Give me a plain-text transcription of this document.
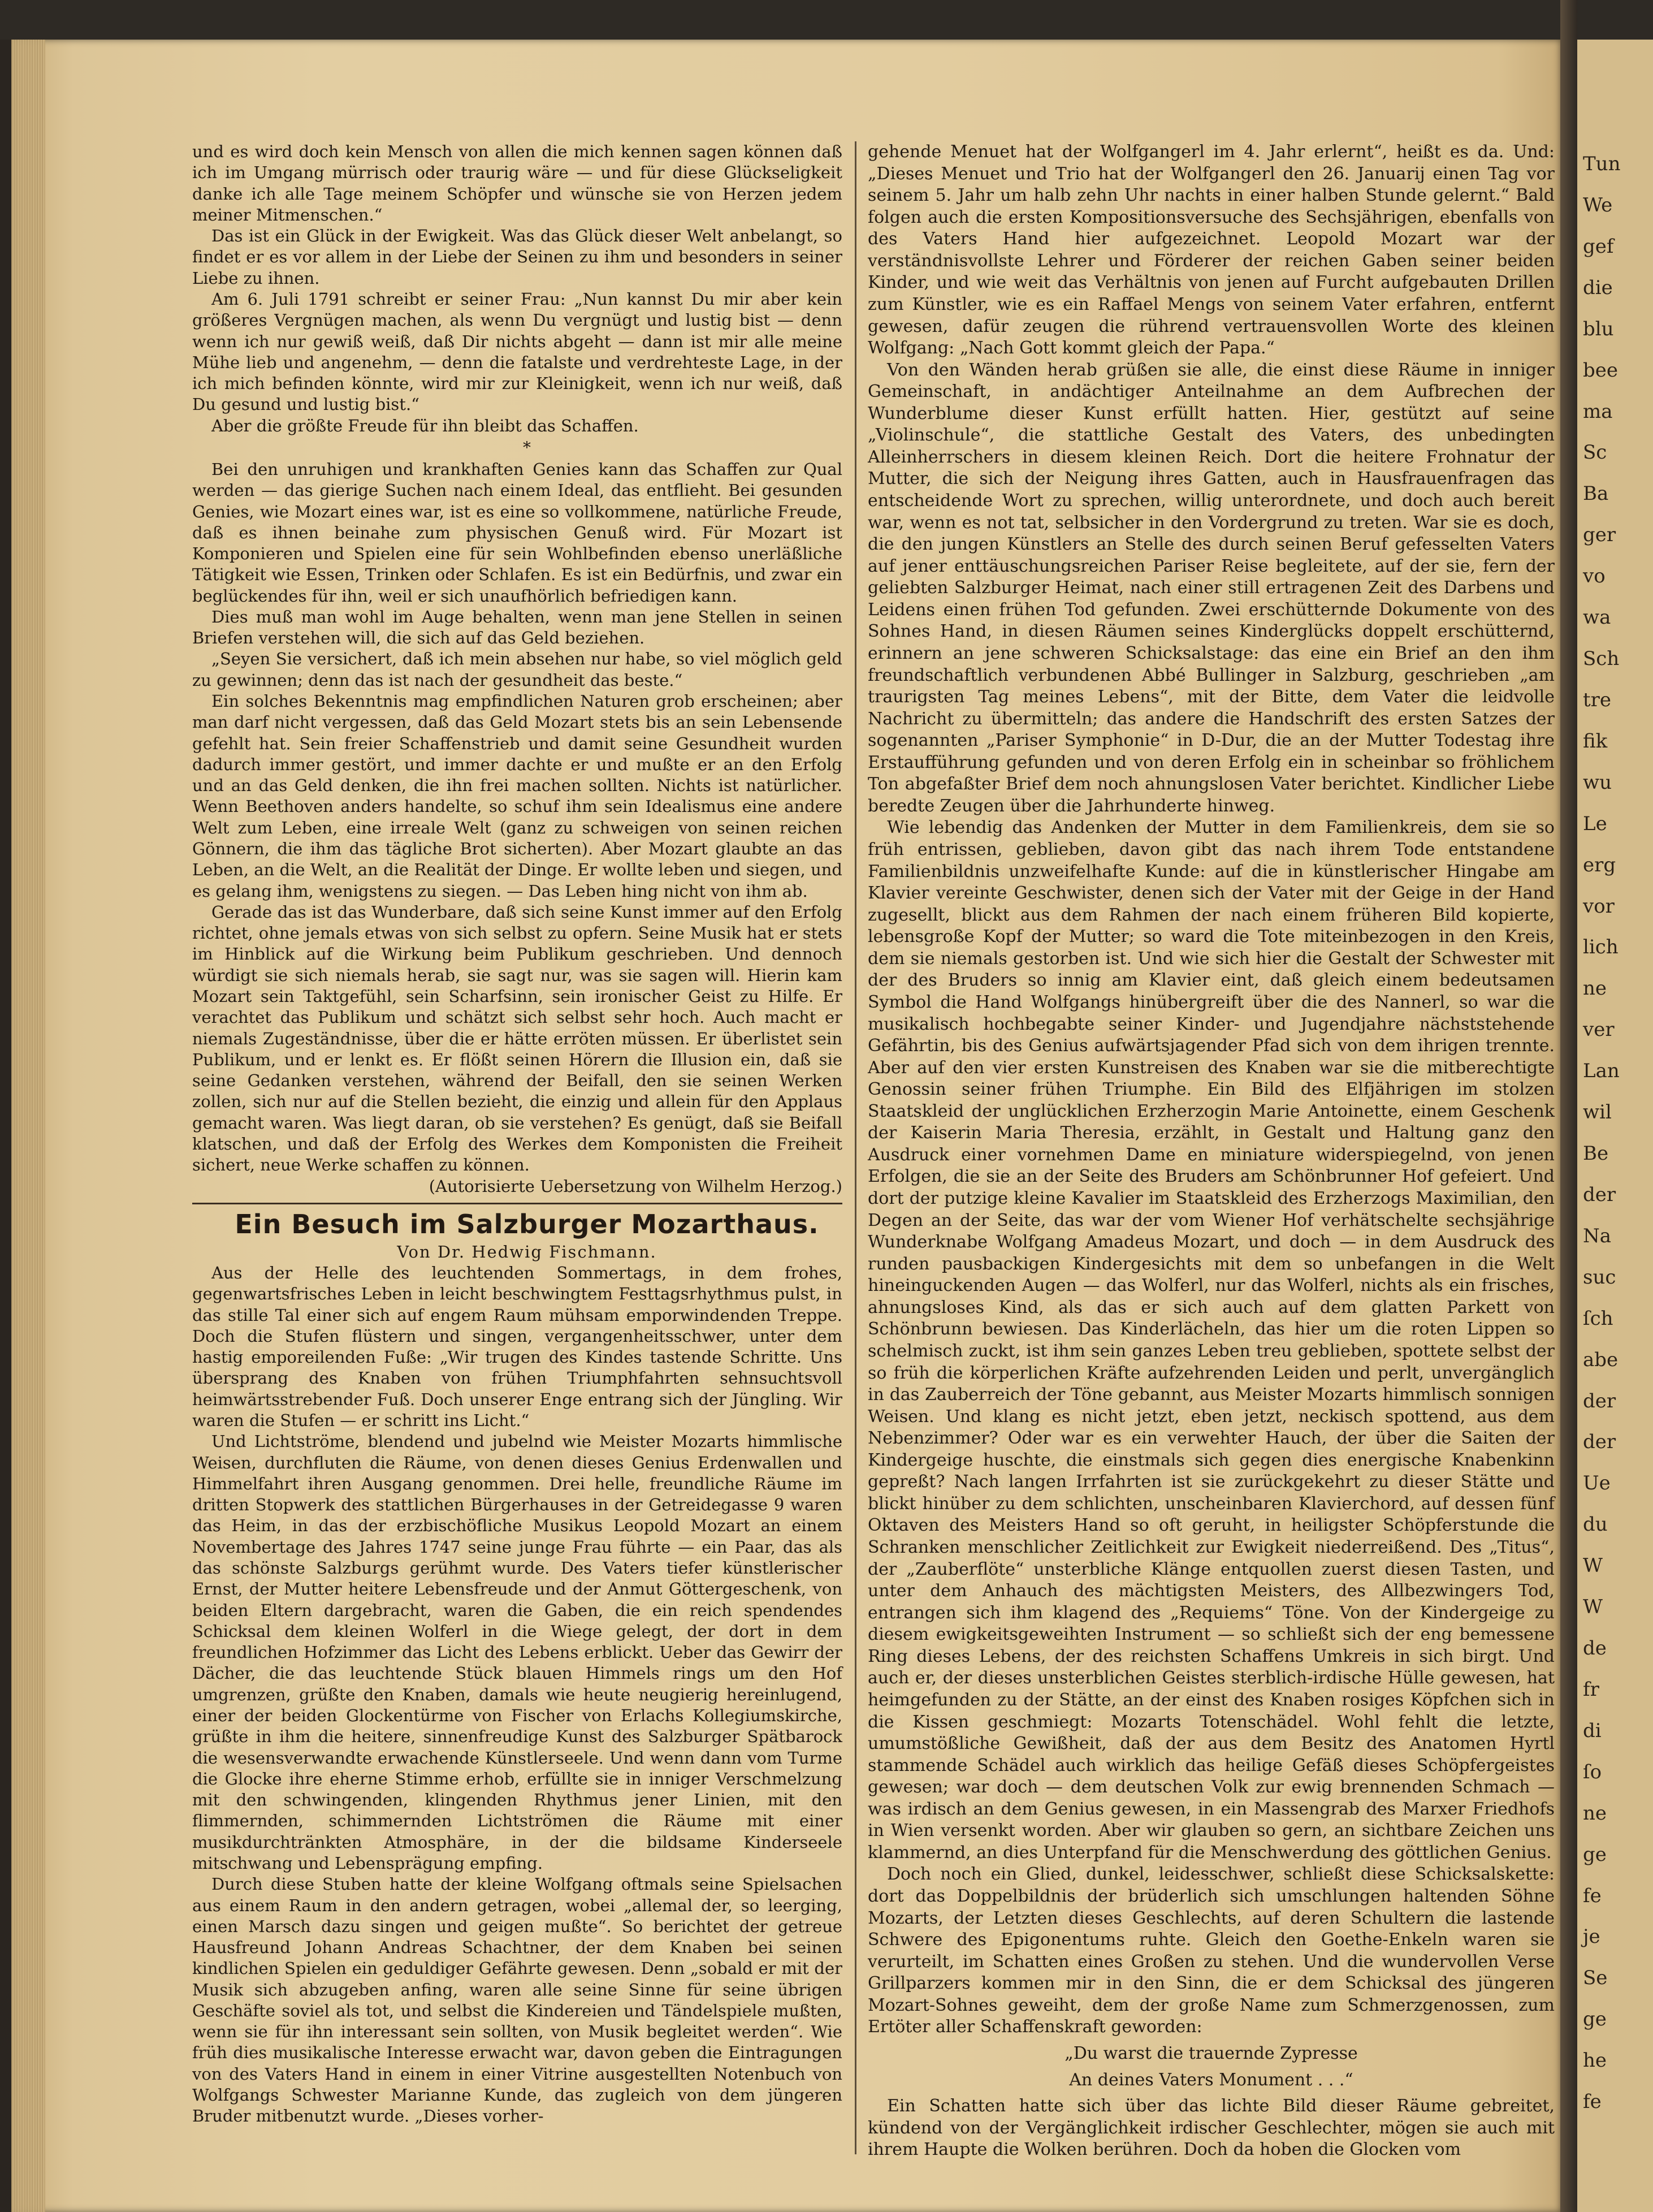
Tun
We
gef
die
blu
bee
ma
Sc
Ba
ger
vo
wa
Sch
tre
fik
wu
Le
erg
vor
lich
ne
ver
Lan
wil
Be
der
Na
suc
ſch
abe
der
der
Ue
du
W
W
de
fr
di
ſo
ne
ge
fe
je
Se
ge
he
fe

und es wird doch kein Mensch von allen die mich kennen sagen können daß ich im Umgang mürrisch oder traurig wäre — und für diese Glückseligkeit danke ich alle Tage meinem Schöpfer und wünsche sie von Herzen jedem meiner Mitmenschen.“

Das ist ein Glück in der Ewigkeit. Was das Glück dieser Welt anbelangt, so findet er es vor allem in der Liebe der Seinen zu ihm und besonders in seiner Liebe zu ihnen.

Am 6. Juli 1791 schreibt er seiner Frau: „Nun kannst Du mir aber kein größeres Vergnügen machen, als wenn Du vergnügt und lustig bist — denn wenn ich nur gewiß weiß, daß Dir nichts abgeht — dann ist mir alle meine Mühe lieb und angenehm, — denn die fatalste und verdrehteste Lage, in der ich mich befinden könnte, wird mir zur Kleinigkeit, wenn ich nur weiß, daß Du gesund und lustig bist.“

Aber die größte Freude für ihn bleibt das Schaffen.

*

Bei den unruhigen und krankhaften Genies kann das Schaffen zur Qual werden — das gierige Suchen nach einem Ideal, das entflieht. Bei gesunden Genies, wie Mozart eines war, ist es eine so vollkommene, natürliche Freude, daß es ihnen beinahe zum physischen Genuß wird. Für Mozart ist Komponieren und Spielen eine für sein Wohlbefinden ebenso unerläßliche Tätigkeit wie Essen, Trinken oder Schlafen. Es ist ein Bedürfnis, und zwar ein beglückendes für ihn, weil er sich unaufhörlich befriedigen kann.

Dies muß man wohl im Auge behalten, wenn man jene Stellen in seinen Briefen verstehen will, die sich auf das Geld beziehen.

„Seyen Sie versichert, daß ich mein absehen nur habe, so viel möglich geld zu gewinnen; denn das ist nach der gesundheit das beste.“

Ein solches Bekenntnis mag empfindlichen Naturen grob erscheinen; aber man darf nicht vergessen, daß das Geld Mozart stets bis an sein Lebensende gefehlt hat. Sein freier Schaffenstrieb und damit seine Gesundheit wurden dadurch immer gestört, und immer dachte er und mußte er an den Erfolg und an das Geld denken, die ihn frei machen sollten. Nichts ist natürlicher. Wenn Beethoven anders handelte, so schuf ihm sein Idealismus eine andere Welt zum Leben, eine irreale Welt (ganz zu schweigen von seinen reichen Gönnern, die ihm das tägliche Brot sicherten). Aber Mozart glaubte an das Leben, an die Welt, an die Realität der Dinge. Er wollte leben und siegen, und es gelang ihm, wenigstens zu siegen. — Das Leben hing nicht von ihm ab.

Gerade das ist das Wunderbare, daß sich seine Kunst immer auf den Erfolg richtet, ohne jemals etwas von sich selbst zu opfern. Seine Musik hat er stets im Hinblick auf die Wirkung beim Publikum geschrieben. Und dennoch würdigt sie sich niemals herab, sie sagt nur, was sie sagen will. Hierin kam Mozart sein Taktgefühl, sein Scharfsinn, sein ironischer Geist zu Hilfe. Er verachtet das Publikum und schätzt sich selbst sehr hoch. Auch macht er niemals Zugeständnisse, über die er hätte erröten müssen. Er überlistet sein Publikum, und er lenkt es. Er flößt seinen Hörern die Illusion ein, daß sie seine Gedanken verstehen, während der Beifall, den sie seinen Werken zollen, sich nur auf die Stellen bezieht, die einzig und allein für den Applaus gemacht waren. Was liegt daran, ob sie verstehen? Es genügt, daß sie Beifall klatschen, und daß der Erfolg des Werkes dem Komponisten die Freiheit sichert, neue Werke schaffen zu können.

(Autorisierte Uebersetzung von Wilhelm Herzog.)

Ein Besuch im Salzburger Mozarthaus.

Von Dr. Hedwig Fischmann.

Aus der Helle des leuchtenden Sommertags, in dem frohes, gegenwartsfrisches Leben in leicht beschwingtem Festtagsrhythmus pulst, in das stille Tal einer sich auf engem Raum mühsam emporwindenden Treppe. Doch die Stufen flüstern und singen, vergangenheitsschwer, unter dem hastig emporeilenden Fuße: „Wir trugen des Kindes tastende Schritte. Uns übersprang des Knaben von frühen Triumphfahrten sehnsuchtsvoll heimwärtsstrebender Fuß. Doch unserer Enge entrang sich der Jüngling. Wir waren die Stufen — er schritt ins Licht.“

Und Lichtströme, blendend und jubelnd wie Meister Mozarts himmlische Weisen, durchfluten die Räume, von denen dieses Genius Erdenwallen und Himmelfahrt ihren Ausgang genommen. Drei helle, freundliche Räume im dritten Stopwerk des stattlichen Bürgerhauses in der Getreidegasse 9 waren das Heim, in das der erzbischöfliche Musikus Leopold Mozart an einem Novembertage des Jahres 1747 seine junge Frau führte — ein Paar, das als das schönste Salzburgs gerühmt wurde. Des Vaters tiefer künstlerischer Ernst, der Mutter heitere Lebensfreude und der Anmut Göttergeschenk, von beiden Eltern dargebracht, waren die Gaben, die ein reich spendendes Schicksal dem kleinen Wolferl in die Wiege gelegt, der dort in dem freundlichen Hofzimmer das Licht des Lebens erblickt. Ueber das Gewirr der Dächer, die das leuchtende Stück blauen Himmels rings um den Hof umgrenzen, grüßte den Knaben, damals wie heute neugierig hereinlugend, einer der beiden Glockentürme von Fischer von Erlachs Kollegiumskirche, grüßte in ihm die heitere, sinnenfreudige Kunst des Salzburger Spätbarock die wesensverwandte erwachende Künstlerseele. Und wenn dann vom Turme die Glocke ihre eherne Stimme erhob, erfüllte sie in inniger Verschmelzung mit den schwingenden, klingenden Rhythmus jener Linien, mit den flimmernden, schimmernden Lichtströmen die Räume mit einer musikdurchtränkten Atmosphäre, in der die bildsame Kinderseele mitschwang und Lebensprägung empfing.

Durch diese Stuben hatte der kleine Wolfgang oftmals seine Spielsachen aus einem Raum in den andern getragen, wobei „allemal der, so leerging, einen Marsch dazu singen und geigen mußte“. So berichtet der getreue Hausfreund Johann Andreas Schachtner, der dem Knaben bei seinen kindlichen Spielen ein geduldiger Gefährte gewesen. Denn „sobald er mit der Musik sich abzugeben anfing, waren alle seine Sinne für seine übrigen Geschäfte soviel als tot, und selbst die Kindereien und Tändelspiele mußten, wenn sie für ihn interessant sein sollten, von Musik begleitet werden“. Wie früh dies musikalische Interesse erwacht war, davon geben die Eintragungen von des Vaters Hand in einem in einer Vitrine ausgestellten Notenbuch von Wolfgangs Schwester Marianne Kunde, das zugleich von dem jüngeren Bruder mitbenutzt wurde. „Dieses vorher-

gehende Menuet hat der Wolfgangerl im 4. Jahr erlernt“, heißt es da. Und: „Dieses Menuet und Trio hat der Wolfgangerl den 26. Januarij einen Tag vor seinem 5. Jahr um halb zehn Uhr nachts in einer halben Stunde gelernt.“ Bald folgen auch die ersten Kompositionsversuche des Sechsjährigen, ebenfalls von des Vaters Hand hier aufgezeichnet. Leopold Mozart war der verständnisvollste Lehrer und Förderer der reichen Gaben seiner beiden Kinder, und wie weit das Verhältnis von jenen auf Furcht aufgebauten Drillen zum Künstler, wie es ein Raffael Mengs von seinem Vater erfahren, entfernt gewesen, dafür zeugen die rührend vertrauensvollen Worte des kleinen Wolfgang: „Nach Gott kommt gleich der Papa.“

Von den Wänden herab grüßen sie alle, die einst diese Räume in inniger Gemeinschaft, in andächtiger Anteilnahme an dem Aufbrechen der Wunderblume dieser Kunst erfüllt hatten. Hier, gestützt auf seine „Violinschule“, die stattliche Gestalt des Vaters, des unbedingten Alleinherrschers in diesem kleinen Reich. Dort die heitere Frohnatur der Mutter, die sich der Neigung ihres Gatten, auch in Hausfrauenfragen das entscheidende Wort zu sprechen, willig unterordnete, und doch auch bereit war, wenn es not tat, selbsicher in den Vordergrund zu treten. War sie es doch, die den jungen Künstlers an Stelle des durch seinen Beruf gefesselten Vaters auf jener enttäuschungsreichen Pariser Reise begleitete, auf der sie, fern der geliebten Salzburger Heimat, nach einer still ertragenen Zeit des Darbens und Leidens einen frühen Tod gefunden. Zwei erschütternde Dokumente von des Sohnes Hand, in diesen Räumen seines Kinderglücks doppelt erschütternd, erinnern an jene schweren Schicksalstage: das eine ein Brief an den ihm freundschaftlich verbundenen Abbé Bullinger in Salzburg, geschrieben „am traurigsten Tag meines Lebens“, mit der Bitte, dem Vater die leidvolle Nachricht zu übermitteln; das andere die Handschrift des ersten Satzes der sogenannten „Pariser Symphonie“ in D-Dur, die an der Mutter Todestag ihre Erstaufführung gefunden und von deren Erfolg ein in scheinbar so fröhlichem Ton abgefaßter Brief dem noch ahnungslosen Vater berichtet. Kindlicher Liebe beredte Zeugen über die Jahrhunderte hinweg.

Wie lebendig das Andenken der Mutter in dem Familienkreis, dem sie so früh entrissen, geblieben, davon gibt das nach ihrem Tode entstandene Familienbildnis unzweifelhafte Kunde: auf die in künstlerischer Hingabe am Klavier vereinte Geschwister, denen sich der Vater mit der Geige in der Hand zugesellt, blickt aus dem Rahmen der nach einem früheren Bild kopierte, lebensgroße Kopf der Mutter; so ward die Tote miteinbezogen in den Kreis, dem sie niemals gestorben ist. Und wie sich hier die Gestalt der Schwester mit der des Bruders so innig am Klavier eint, daß gleich einem bedeutsamen Symbol die Hand Wolfgangs hinübergreift über die des Nannerl, so war die musikalisch hochbegabte seiner Kinder- und Jugendjahre nächststehende Gefährtin, bis des Genius aufwärtsjagender Pfad sich von dem ihrigen trennte. Aber auf den vier ersten Kunstreisen des Knaben war sie die mitberechtigte Genossin seiner frühen Triumphe. Ein Bild des Elfjährigen im stolzen Staatskleid der unglücklichen Erzherzogin Marie Antoinette, einem Geschenk der Kaiserin Maria Theresia, erzählt, in Gestalt und Haltung ganz den Ausdruck einer vornehmen Dame en miniature widerspiegelnd, von jenen Erfolgen, die sie an der Seite des Bruders am Schönbrunner Hof gefeiert. Und dort der putzige kleine Kavalier im Staatskleid des Erzherzogs Maximilian, den Degen an der Seite, das war der vom Wiener Hof verhätschelte sechsjährige Wunderknabe Wolfgang Amadeus Mozart, und doch — in dem Ausdruck des runden pausbackigen Kindergesichts mit dem so unbefangen in die Welt hineinguckenden Augen — das Wolferl, nur das Wolferl, nichts als ein frisches, ahnungsloses Kind, als das er sich auch auf dem glatten Parkett von Schönbrunn bewiesen. Das Kinderlächeln, das hier um die roten Lippen so schelmisch zuckt, ist ihm sein ganzes Leben treu geblieben, spottete selbst der so früh die körperlichen Kräfte aufzehrenden Leiden und perlt, unvergänglich in das Zauberreich der Töne gebannt, aus Meister Mozarts himmlisch sonnigen Weisen. Und klang es nicht jetzt, eben jetzt, neckisch spottend, aus dem Nebenzimmer? Oder war es ein verwehter Hauch, der über die Saiten der Kindergeige huschte, die einstmals sich gegen dies energische Knabenkinn gepreßt? Nach langen Irrfahrten ist sie zurückgekehrt zu dieser Stätte und blickt hinüber zu dem schlichten, unscheinbaren Klavierchord, auf dessen fünf Oktaven des Meisters Hand so oft geruht, in heiligster Schöpferstunde die Schranken menschlicher Zeitlichkeit zur Ewigkeit niederreißend. Des „Titus“, der „Zauberflöte“ unsterbliche Klänge entquollen zuerst diesen Tasten, und unter dem Anhauch des mächtigsten Meisters, des Allbezwingers Tod, entrangen sich ihm klagend des „Requiems“ Töne. Von der Kindergeige zu diesem ewigkeitsgeweihten Instrument — so schließt sich der eng bemessene Ring dieses Lebens, der des reichsten Schaffens Umkreis in sich birgt. Und auch er, der dieses unsterblichen Geistes sterblich-irdische Hülle gewesen, hat heimgefunden zu der Stätte, an der einst des Knaben rosiges Köpfchen sich in die Kissen geschmiegt: Mozarts Totenschädel. Wohl fehlt die letzte, umumstößliche Gewißheit, daß der aus dem Besitz des Anatomen Hyrtl stammende Schädel auch wirklich das heilige Gefäß dieses Schöpfergeistes gewesen; war doch — dem deutschen Volk zur ewig brennenden Schmach — was irdisch an dem Genius gewesen, in ein Massengrab des Marxer Friedhofs in Wien versenkt worden. Aber wir glauben so gern, an sichtbare Zeichen uns klammernd, an dies Unterpfand für die Menschwerdung des göttlichen Genius.

Doch noch ein Glied, dunkel, leidesschwer, schließt diese Schicksalskette: dort das Doppelbildnis der brüderlich sich umschlungen haltenden Söhne Mozarts, der Letzten dieses Geschlechts, auf deren Schultern die lastende Schwere des Epigonentums ruhte. Gleich den Goethe-Enkeln waren sie verurteilt, im Schatten eines Großen zu stehen. Und die wundervollen Verse Grillparzers kommen mir in den Sinn, die er dem Schicksal des jüngeren Mozart-Sohnes geweiht, dem der große Name zum Schmerzgenossen, zum Ertöter aller Schaffenskraft geworden:

„Du warst die trauernde Zypresse

An deines Vaters Monument . . .“

Ein Schatten hatte sich über das lichte Bild dieser Räume gebreitet, kündend von der Vergänglichkeit irdischer Geschlechter, mögen sie auch mit ihrem Haupte die Wolken berühren. Doch da hoben die Glocken vom
